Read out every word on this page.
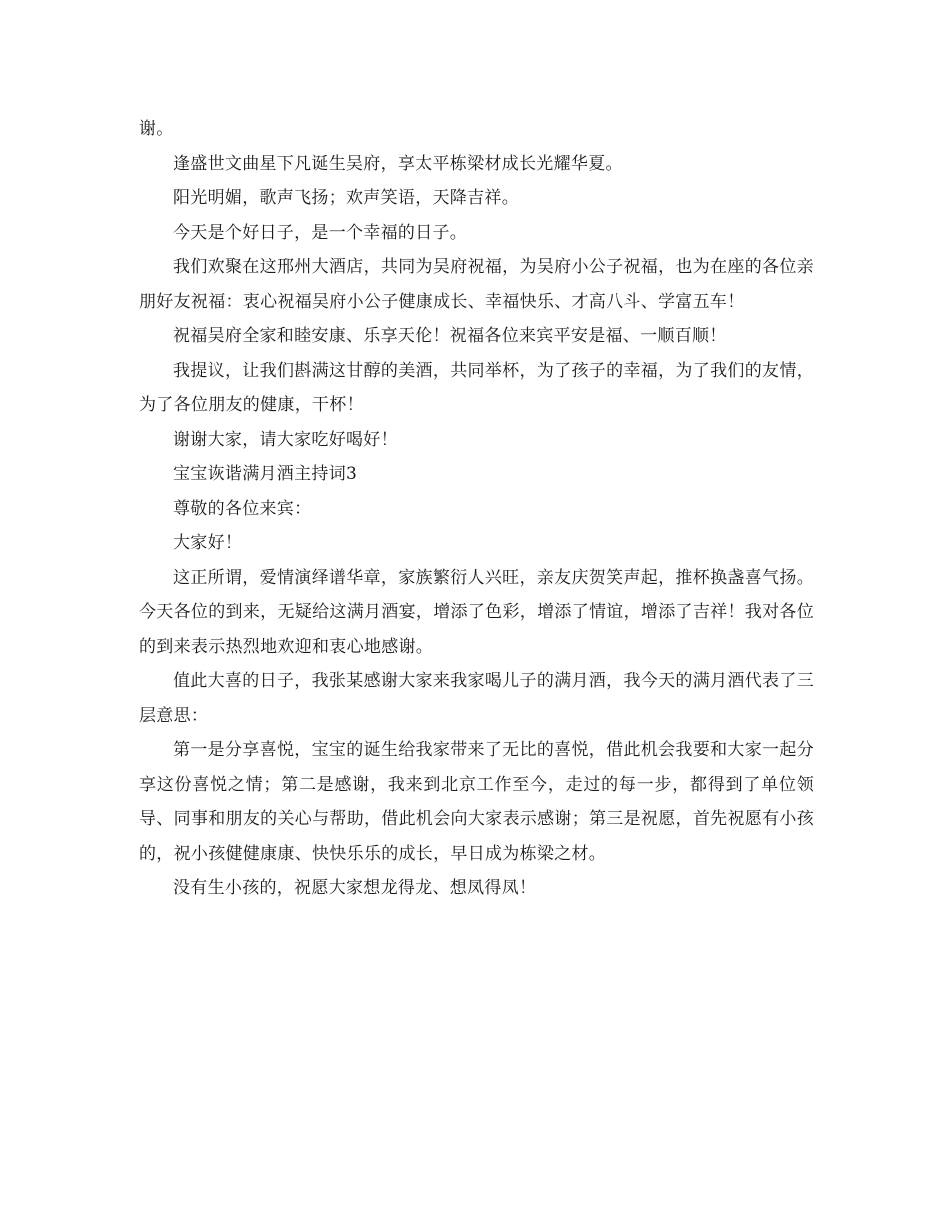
谢。

逢盛世文曲星下凡诞生吴府，享太平栋梁材成长光耀华夏。

阳光明媚，歌声飞扬；欢声笑语，天降吉祥。

今天是个好日子，是一个幸福的日子。

我们欢聚在这邢州大酒店，共同为吴府祝福，为吴府小公子祝福，也为在座的各位亲朋好友祝福：衷心祝福吴府小公子健康成长、幸福快乐、才高八斗、学富五车！

祝福吴府全家和睦安康、乐享天伦！祝福各位来宾平安是福、一顺百顺！

我提议，让我们斟满这甘醇的美酒，共同举杯，为了孩子的幸福，为了我们的友情，为了各位朋友的健康，干杯！

谢谢大家，请大家吃好喝好！

宝宝诙谐满月酒主持词3

尊敬的各位来宾：

大家好！

这正所谓，爱情演绎谱华章，家族繁衍人兴旺，亲友庆贺笑声起，推杯换盏喜气扬。今天各位的到来，无疑给这满月酒宴，增添了色彩，增添了情谊，增添了吉祥！我对各位的到来表示热烈地欢迎和衷心地感谢。

值此大喜的日子，我张某感谢大家来我家喝儿子的满月酒，我今天的满月酒代表了三层意思：

第一是分享喜悦，宝宝的诞生给我家带来了无比的喜悦，借此机会我要和大家一起分享这份喜悦之情；第二是感谢，我来到北京工作至今，走过的每一步，都得到了单位领导、同事和朋友的关心与帮助，借此机会向大家表示感谢；第三是祝愿，首先祝愿有小孩的，祝小孩健健康康、快快乐乐的成长，早日成为栋梁之材。

没有生小孩的，祝愿大家想龙得龙、想凤得凤！
